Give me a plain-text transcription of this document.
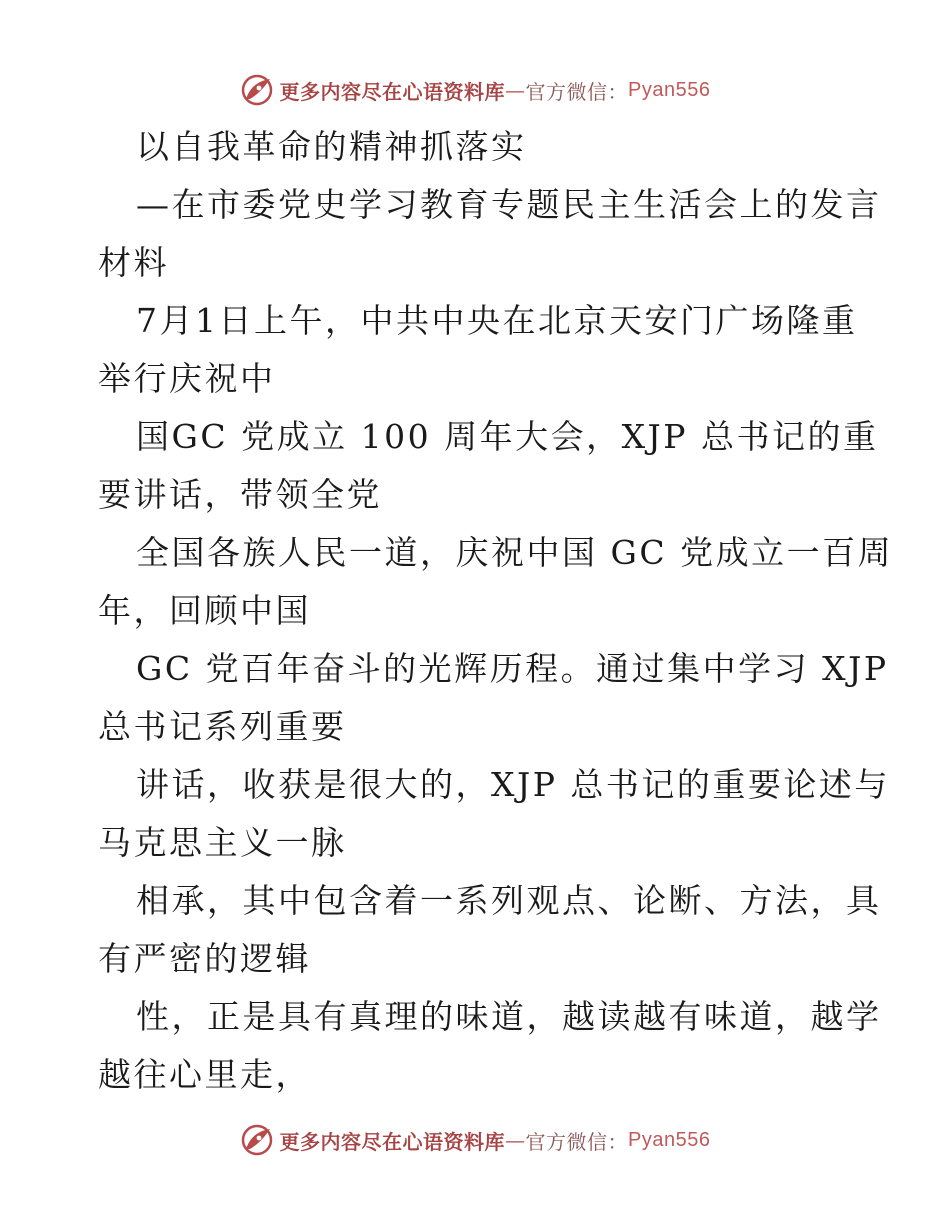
更多内容尽在心语资料库 — 官方微信： Pyan556
以自我革命的精神抓落实
—在市委党史学习教育专题民主生活会上的发言
材料
7月1日上午，中共中央在北京天安门广场隆重
举行庆祝中
国GC 党成立 100 周年大会，XJP 总书记的重
要讲话，带领全党
全国各族人民一道，庆祝中国 GC 党成立一百周
年，回顾中国
GC 党百年奋斗的光辉历程。通过集中学习 XJP
总书记系列重要
讲话，收获是很大的，XJP 总书记的重要论述与
马克思主义一脉
相承，其中包含着一系列观点、论断、方法，具
有严密的逻辑
性，正是具有真理的味道，越读越有味道，越学
越往心里走，
更多内容尽在心语资料库 — 官方微信： Pyan556
